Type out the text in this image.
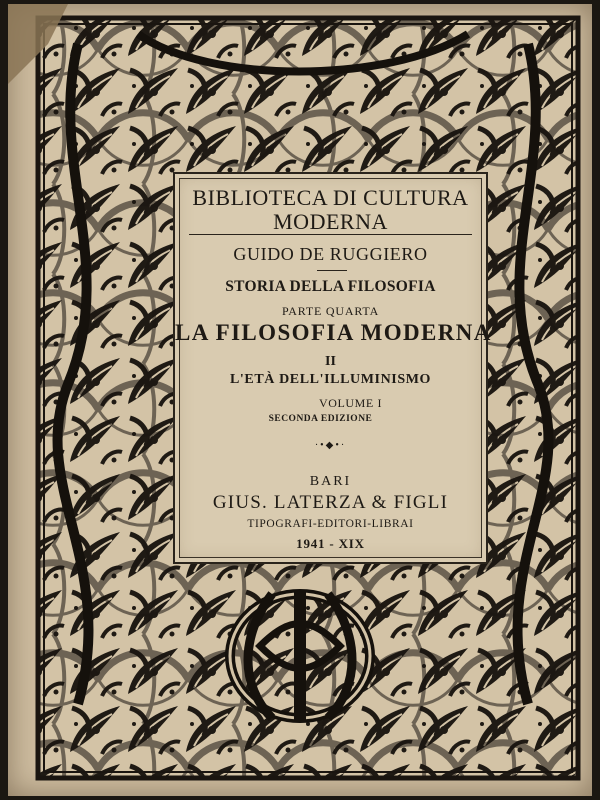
BIBLIOTECA DI CULTURA
MODERNA
GUIDO DE RUGGIERO
STORIA DELLA FILOSOFIA
PARTE QUARTA
LA FILOSOFIA MODERNA
II
L'ETÀ DELL'ILLUMINISMO
VOLUME I
SECONDA EDIZIONE
·•◆•·
BARI
GIUS. LATERZA & FIGLI
TIPOGRAFI-EDITORI-LIBRAI
1941 - XIX
